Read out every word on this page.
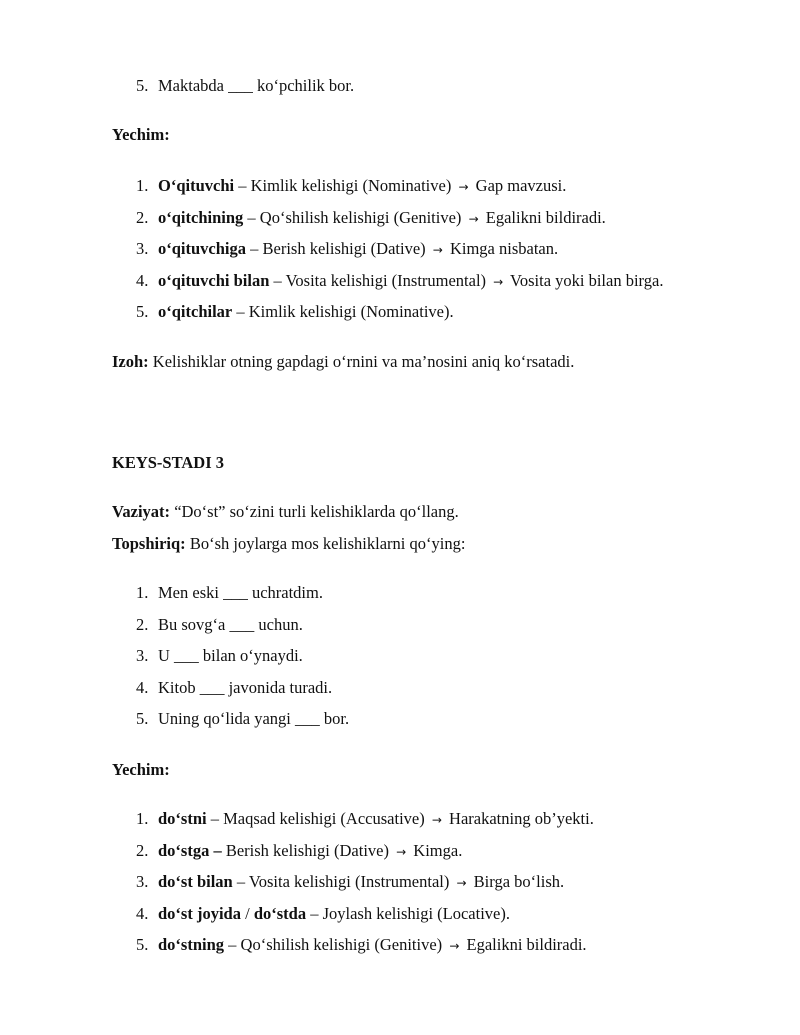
5. Maktabda ___ ko‘pchilik bor.
Yechim:
1. O‘qituvchi – Kimlik kelishigi (Nominative) → Gap mavzusi.
2. o‘qitchining – Qo‘shilish kelishigi (Genitive) → Egalikni bildiradi.
3. o‘qituvchiga – Berish kelishigi (Dative) → Kimga nisbatan.
4. o‘qituvchi bilan – Vosita kelishigi (Instrumental) → Vosita yoki bilan birga.
5. o‘qitchilar – Kimlik kelishigi (Nominative).
Izoh: Kelishiklar otning gapdagi o‘rnini va ma’nosini aniq ko‘rsatadi.
KEYS-STADI 3
Vaziyat: “Do‘st” so‘zini turli kelishiklarda qo‘llang.
Topshiriq: Bo‘sh joylarga mos kelishiklarni qo‘ying:
1. Men eski ___ uchratdim.
2. Bu sovg‘a ___ uchun.
3. U ___ bilan o‘ynaydi.
4. Kitob ___ javonida turadi.
5. Uning qo‘lida yangi ___ bor.
Yechim:
1. do‘stni – Maqsad kelishigi (Accusative) → Harakatning ob’yekti.
2. do‘stga – Berish kelishigi (Dative) → Kimga.
3. do‘st bilan – Vosita kelishigi (Instrumental) → Birga bo‘lish.
4. do‘st joyida / do‘stda – Joylash kelishigi (Locative).
5. do‘stning – Qo‘shilish kelishigi (Genitive) → Egalikni bildiradi.
